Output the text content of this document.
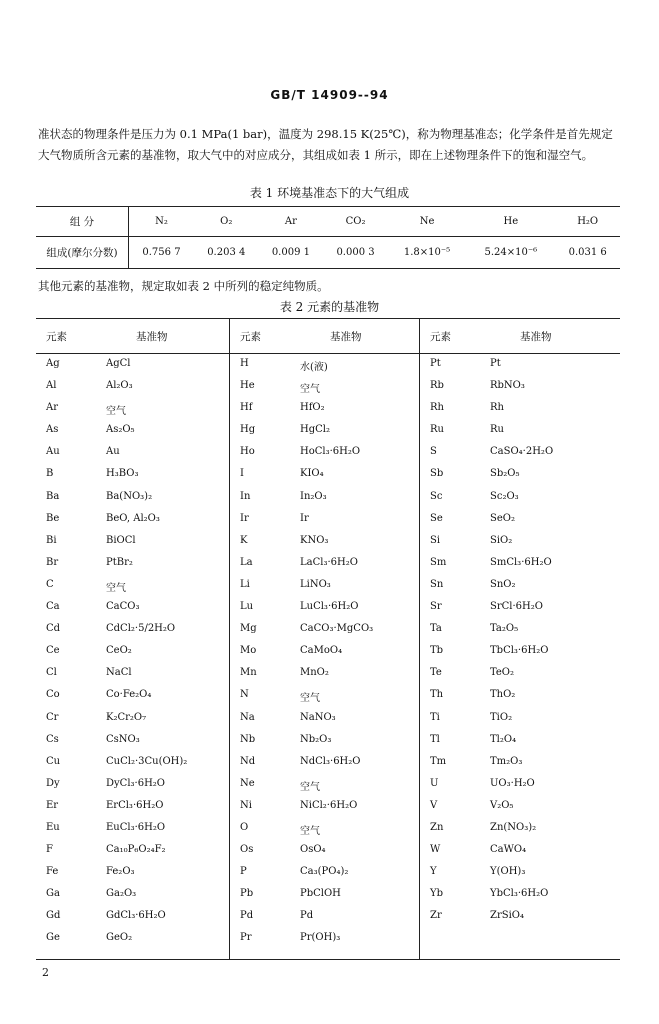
GB/T 14909--94
准状态的物理条件是压力为 0.1 MPa(1 bar)，温度为 298.15 K(25℃)，称为物理基准态；化学条件是首先规定大气物质所含元素的基准物，取大气中的对应成分，其组成如表 1 所示，即在上述物理条件下的饱和湿空气。
表 1 环境基准态下的大气组成
组 分	N₂	O₂	Ar	CO₂	Ne	He	H₂O
组成(摩尔分数)	0.756 7	0.203 4	0.009 1	0.000 3	1.8×10⁻⁵	5.24×10⁻⁶	0.031 6
其他元素的基准物，规定取如表 2 中所列的稳定纯物质。
表 2 元素的基准物
元素	基准物
Ag	AgCl
Al	Al₂O₃
Ar	空气
As	As₂O₅
Au	Au
B	H₃BO₃
Ba	Ba(NO₃)₂
Be	BeO, Al₂O₃
Bi	BiOCl
Br	PtBr₂
C	空气
Ca	CaCO₃
Cd	CdCl₂·5/2H₂O
Ce	CeO₂
Cl	NaCl
Co	Co·Fe₂O₄
Cr	K₂Cr₂O₇
Cs	CsNO₃
Cu	CuCl₂·3Cu(OH)₂
Dy	DyCl₃·6H₂O
Er	ErCl₃·6H₂O
Eu	EuCl₃·6H₂O
F	Ca₁₀P₆O₂₄F₂
Fe	Fe₂O₃
Ga	Ga₂O₃
Gd	GdCl₃·6H₂O
Ge	GeO₂
元素	基准物
H	水(液)
He	空气
Hf	HfO₂
Hg	HgCl₂
Ho	HoCl₃·6H₂O
I	KIO₄
In	In₂O₃
Ir	Ir
K	KNO₃
La	LaCl₃·6H₂O
Li	LiNO₃
Lu	LuCl₃·6H₂O
Mg	CaCO₃·MgCO₃
Mo	CaMoO₄
Mn	MnO₂
N	空气
Na	NaNO₃
Nb	Nb₂O₃
Nd	NdCl₃·6H₂O
Ne	空气
Ni	NiCl₂·6H₂O
O	空气
Os	OsO₄
P	Ca₃(PO₄)₂
Pb	PbClOH
Pd	Pd
Pr	Pr(OH)₃
元素	基准物
Pt	Pt
Rb	RbNO₃
Rh	Rh
Ru	Ru
S	CaSO₄·2H₂O
Sb	Sb₂O₅
Sc	Sc₂O₃
Se	SeO₂
Si	SiO₂
Sm	SmCl₃·6H₂O
Sn	SnO₂
Sr	SrCl·6H₂O
Ta	Ta₂O₅
Tb	TbCl₃·6H₂O
Te	TeO₂
Th	ThO₂
Ti	TiO₂
Tl	Tl₂O₄
Tm	Tm₂O₃
U	UO₃·H₂O
V	V₂O₅
Zn	Zn(NO₃)₂
W	CaWO₄
Y	Y(OH)₃
Yb	YbCl₃·6H₂O
Zr	ZrSiO₄
2
